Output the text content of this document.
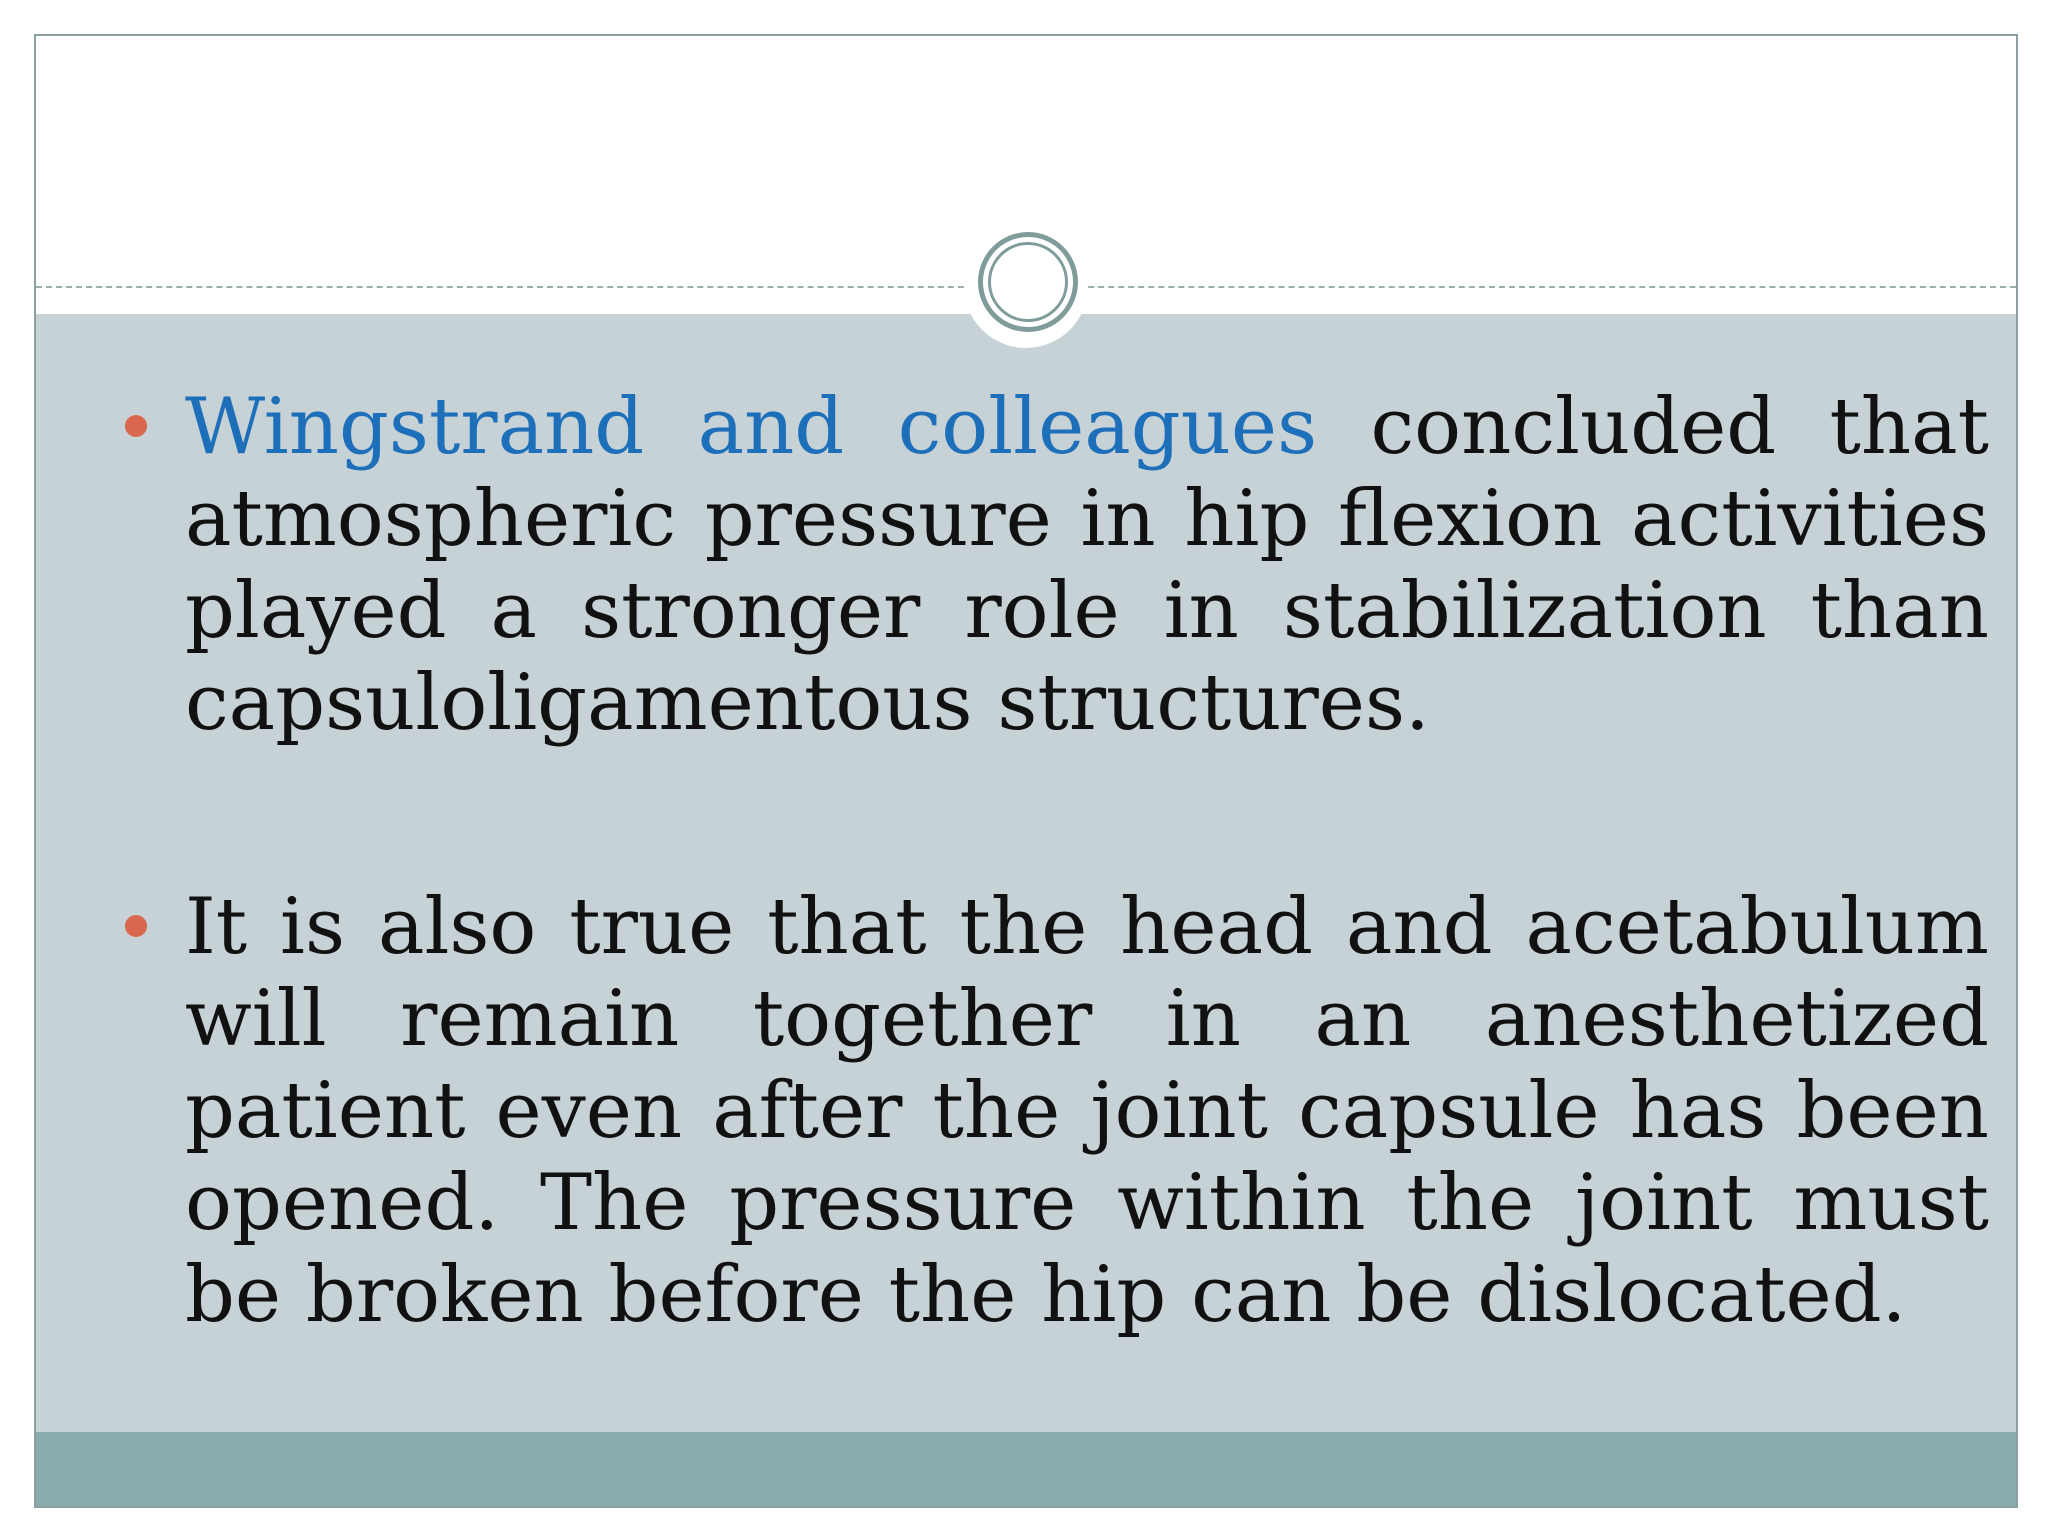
Wingstrand and colleagues concluded that atmospheric pressure in hip flexion activities played a stronger role in stabilization than capsuloligamentous structures.
It is also true that the head and acetabulum will remain together in an anesthetized patient even after the joint capsule has been opened. The pressure within the joint must be broken before the hip can be dislocated.
